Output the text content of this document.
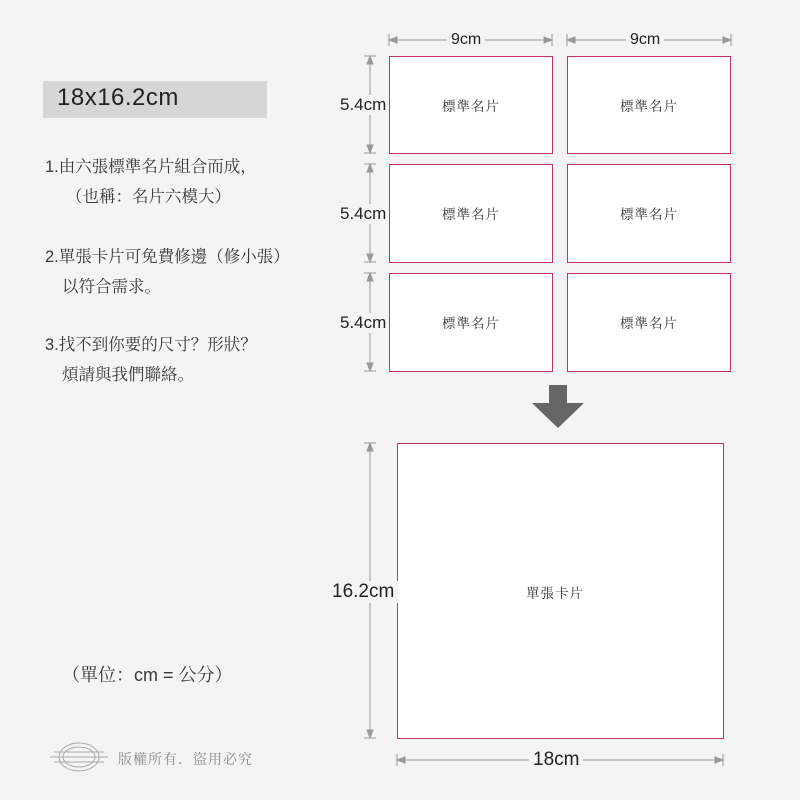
18x16.2cm
1.由六張標準名片組合而成，
（也稱：名片六模大）
2.單張卡片可免費修邊（修小張）
以符合需求。
3.找不到你要的尺寸？形狀？
煩請與我們聯絡。
（單位：cm = 公分）
9cm	9cm
5.4cm
5.4cm
5.4cm
標準名片	標準名片
標準名片	標準名片
標準名片	標準名片
單張卡片
16.2cm
18cm
版權所有．盜用必究
